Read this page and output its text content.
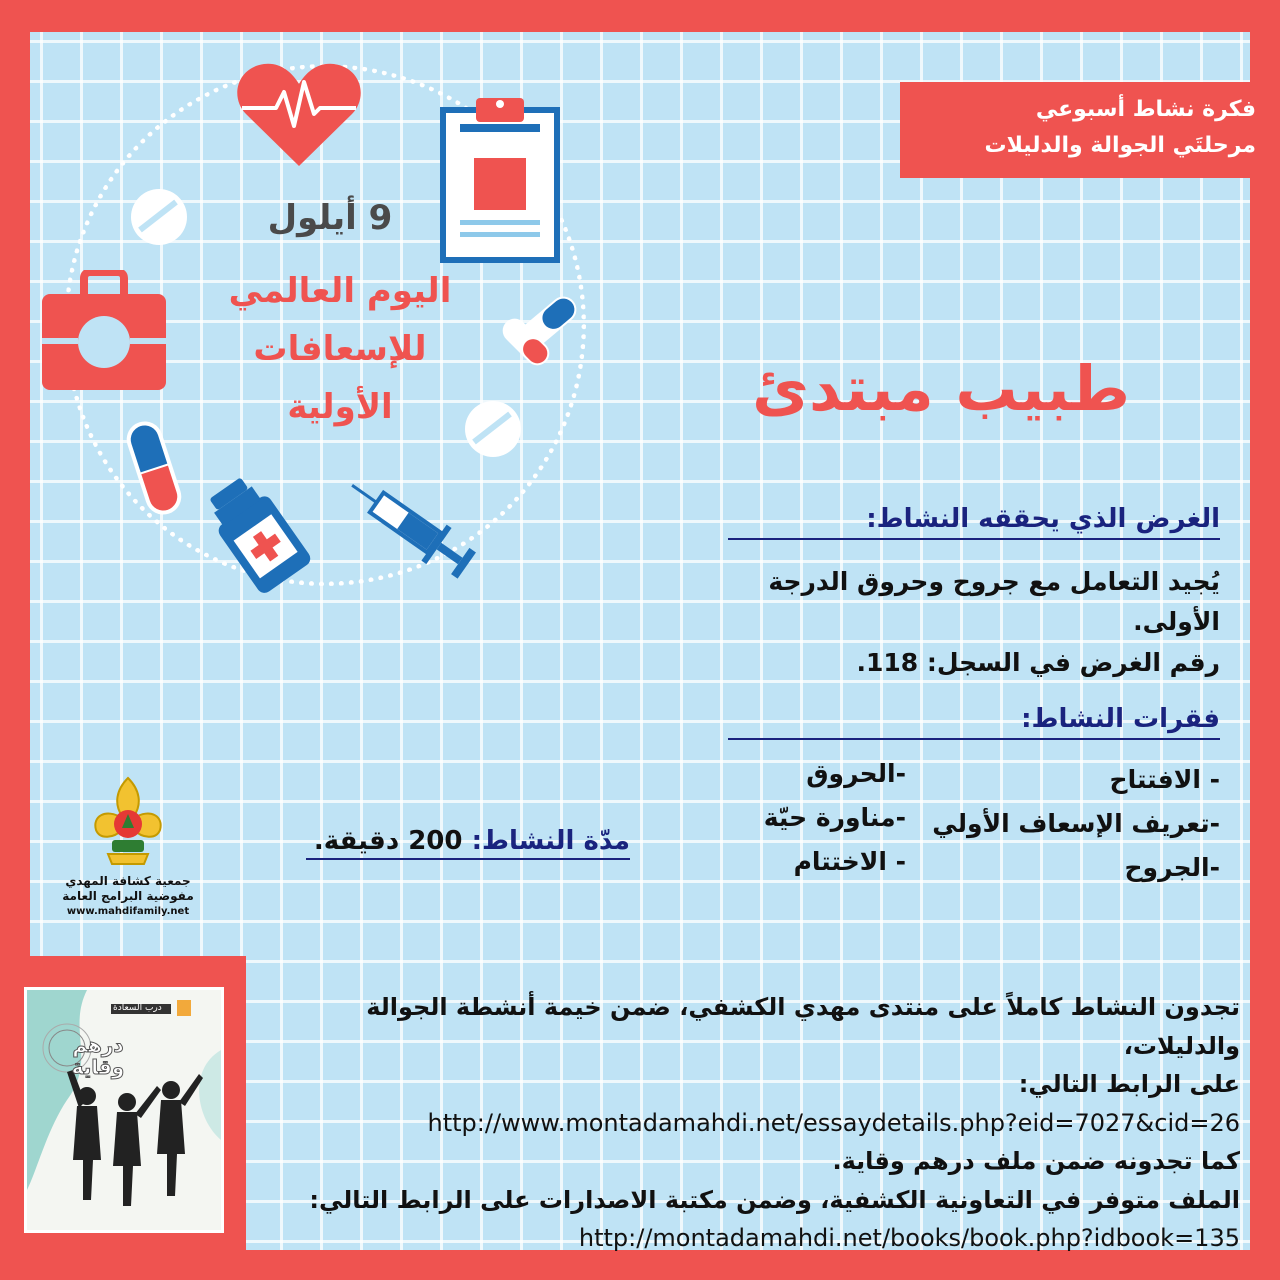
فكرة نشاط أسبوعي
مرحلتَي الجوالة والدليلات
9 أيلول
اليوم العالمي
للإسعافات
الأولية	طبيب مبتدئ
الغرض الذي يحققه النشاط:
يُجيد التعامل مع جروح وحروق الدرجة الأولى.
رقم الغرض في السجل: 118.
فقرات النشاط:
- الافتتاح
-تعريف الإسعاف الأولي
-الجروح
-الحروق
-مناورة حيّة
- الاختتام
مدّة النشاط: 200 دقيقة.
جمعية كشافة المهدي
مفوضية البرامج العامة
www.mahdifamily.net
درب السعادة
درهم وقاية
تجدون النشاط كاملاً على منتدى مهدي الكشفي، ضمن خيمة أنشطة الجوالة والدليلات،
على الرابط التالي:
http://www.montadamahdi.net/essaydetails.php?eid=7027&cid=26
كما تجدونه ضمن ملف درهم وقاية.
الملف متوفر في التعاونية الكشفية، وضمن مكتبة الاصدارات على الرابط التالي:
http://montadamahdi.net/books/book.php?idbook=135
